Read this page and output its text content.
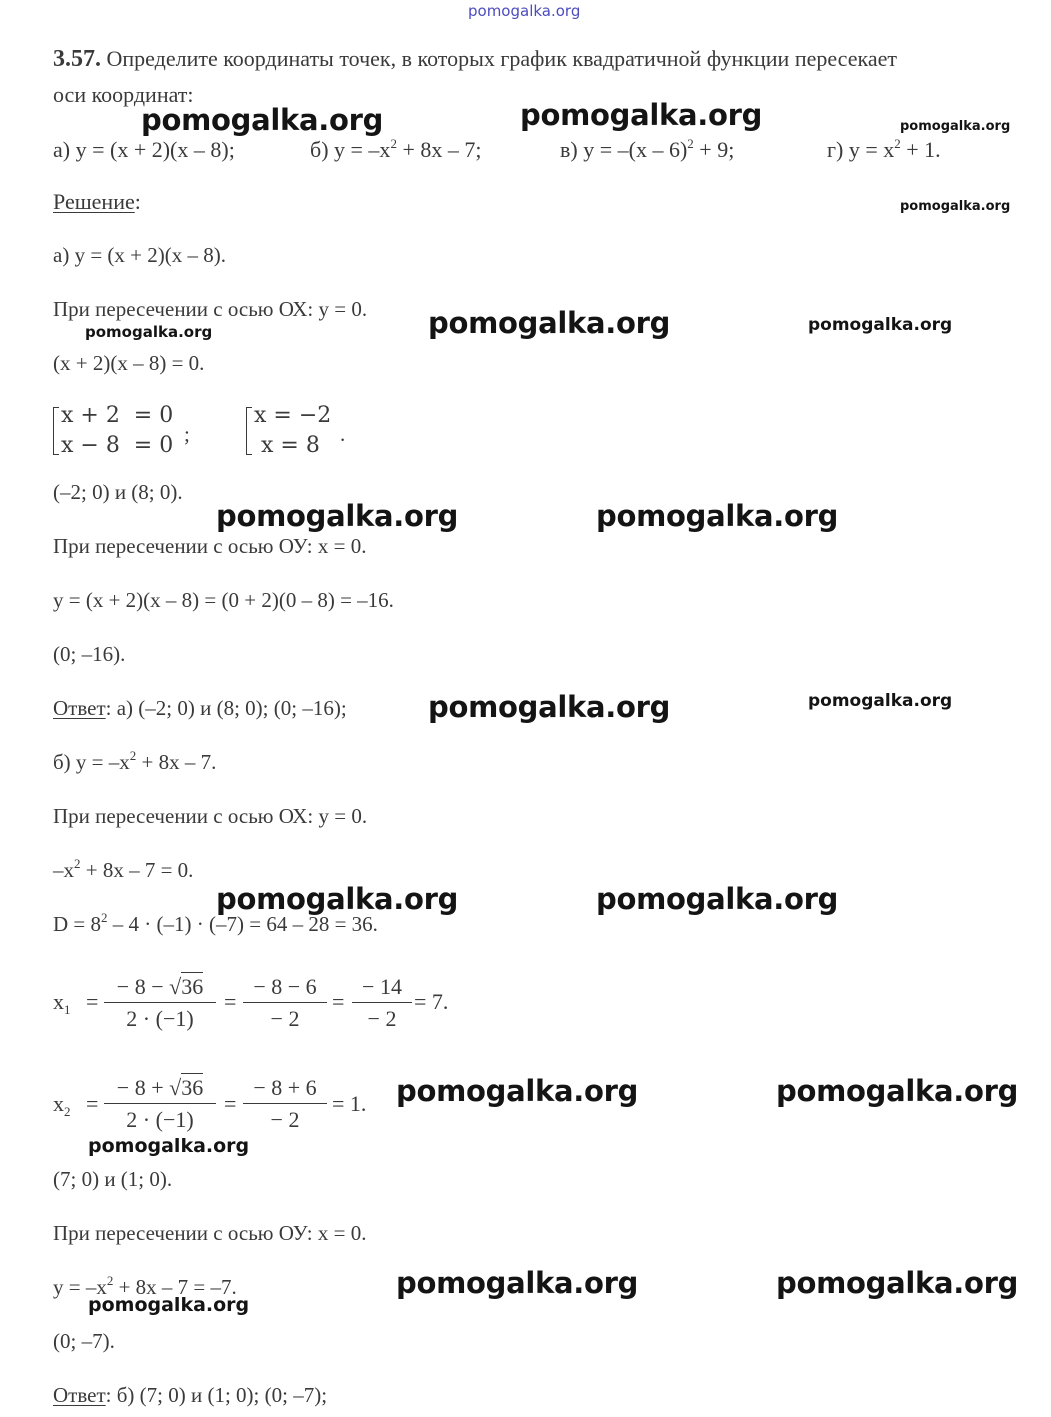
pomogalka.org
3.57. Определите координаты точек, в которых график квадратичной функции пересекает
оси координат:
а) y = (x + 2)(x – 8);	б) $y = -x^2 + 8x - 7$;	в) y = –(x – 6)$^2$ + 9;	г) $y = x^2 + 1$.
Решение:
а) y = (x + 2)(x – 8).
При пересечении с осью ОХ: y = 0.
(x + 2)(x – 8) = 0.
x + 2  = 0
x − 8  = 0 ;
x = −2
x = 8 .
(–2; 0) и (8; 0).
При пересечении с осью ОУ: x = 0.
y = (x + 2)(x – 8) = (0 + 2)(0 – 8) = –16.
(0; –16).
Ответ: а) (–2; 0) и (8; 0); (0; –16);
б) $y = -x^2 + 8x - 7$.
При пересечении с осью ОХ: y = 0.
$-x^2 + 8x - 7 = 0$.
$D = 8^2 - 4 \cdot (-1) \cdot (-7) = 64 - 28 = 36$.
$x_1 = \frac{- 8 - √36}{2 \cdot (-1)} = \frac{- 8 - 6}{- 2} = \frac{- 14}{- 2} = 7$.
$x_2 = \frac{- 8 + √36}{2 \cdot (-1)} = \frac{- 8 + 6}{- 2} = 1$.
(7; 0) и (1; 0).
При пересечении с осью ОУ: x = 0.
$y = -x^2 + 8x - 7 = -7$.
(0; –7).
Ответ: б) (7; 0) и (1; 0); (0; –7);
pomogalka.org	pomogalka.org	pomogalka.org
pomogalka.org
pomogalka.org	pomogalka.org
pomogalka.org
pomogalka.org	pomogalka.org
pomogalka.org	pomogalka.org
pomogalka.org	pomogalka.org
pomogalka.org	pomogalka.org
pomogalka.org
pomogalka.org	pomogalka.org
pomogalka.org
